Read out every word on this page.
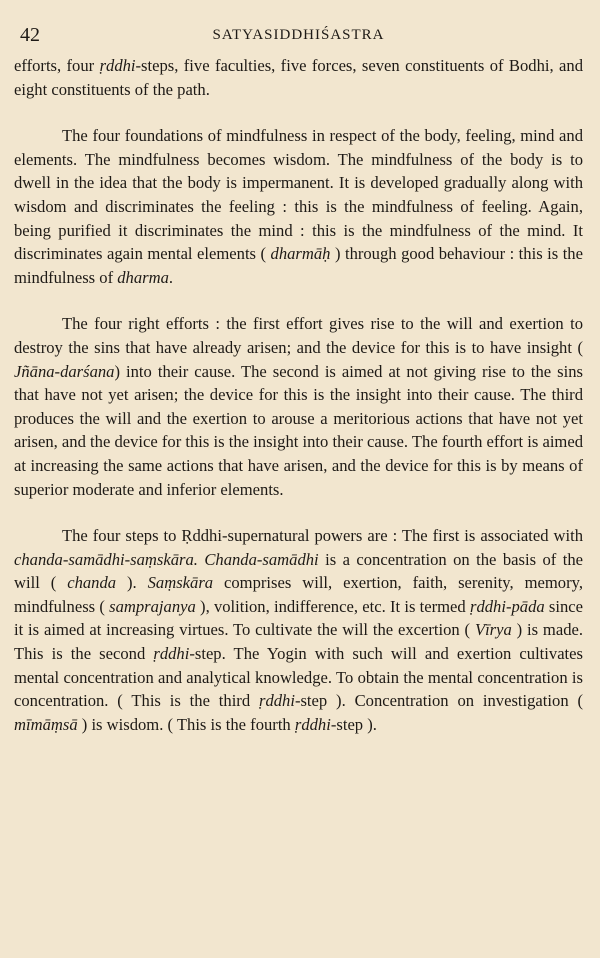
42	SATYASIDDHIŚASTRA

efforts, four ṛddhi-steps, five faculties, five forces, seven constituents of Bodhi, and eight constituents of the path.

The four foundations of mindfulness in respect of the body, feeling, mind and elements. The mindfulness becomes wisdom. The mindfulness of the body is to dwell in the idea that the body is impermanent. It is developed gradually along with wisdom and discriminates the feeling : this is the mindfulness of feeling. Again, being purified it discriminates the mind : this is the mindfulness of the mind. It discriminates again mental elements ( dharmāḥ ) through good behaviour : this is the mindfulness of dharma.

The four right efforts : the first effort gives rise to the will and exertion to destroy the sins that have already arisen; and the device for this is to have insight ( Jñāna-darśana) into their cause. The second is aimed at not giving rise to the sins that have not yet arisen; the device for this is the insight into their cause. The third produces the will and the exertion to arouse a meritorious actions that have not yet arisen, and the device for this is the insight into their cause. The fourth effort is aimed at increasing the same actions that have arisen, and the device for this is by means of superior moderate and inferior elements.

The four steps to Ṛddhi-supernatural powers are : The first is associated with chanda-samādhi-saṃskāra. Chanda-samādhi is a concentration on the basis of the will ( chanda ). Saṃskāra comprises will, exertion, faith, serenity, memory, mindfulness ( samprajanya ), volition, indifference, etc. It is termed ṛddhi-pāda since it is aimed at increasing virtues. To cultivate the will the excertion ( Vīrya ) is made. This is the second ṛddhi-step. The Yogin with such will and exertion cultivates mental concentration and analytical knowledge. To obtain the mental concentration is concentration. ( This is the third ṛddhi-step ). Concentration on investigation ( mīmāṃsā ) is wisdom. ( This is the fourth ṛddhi-step ).
